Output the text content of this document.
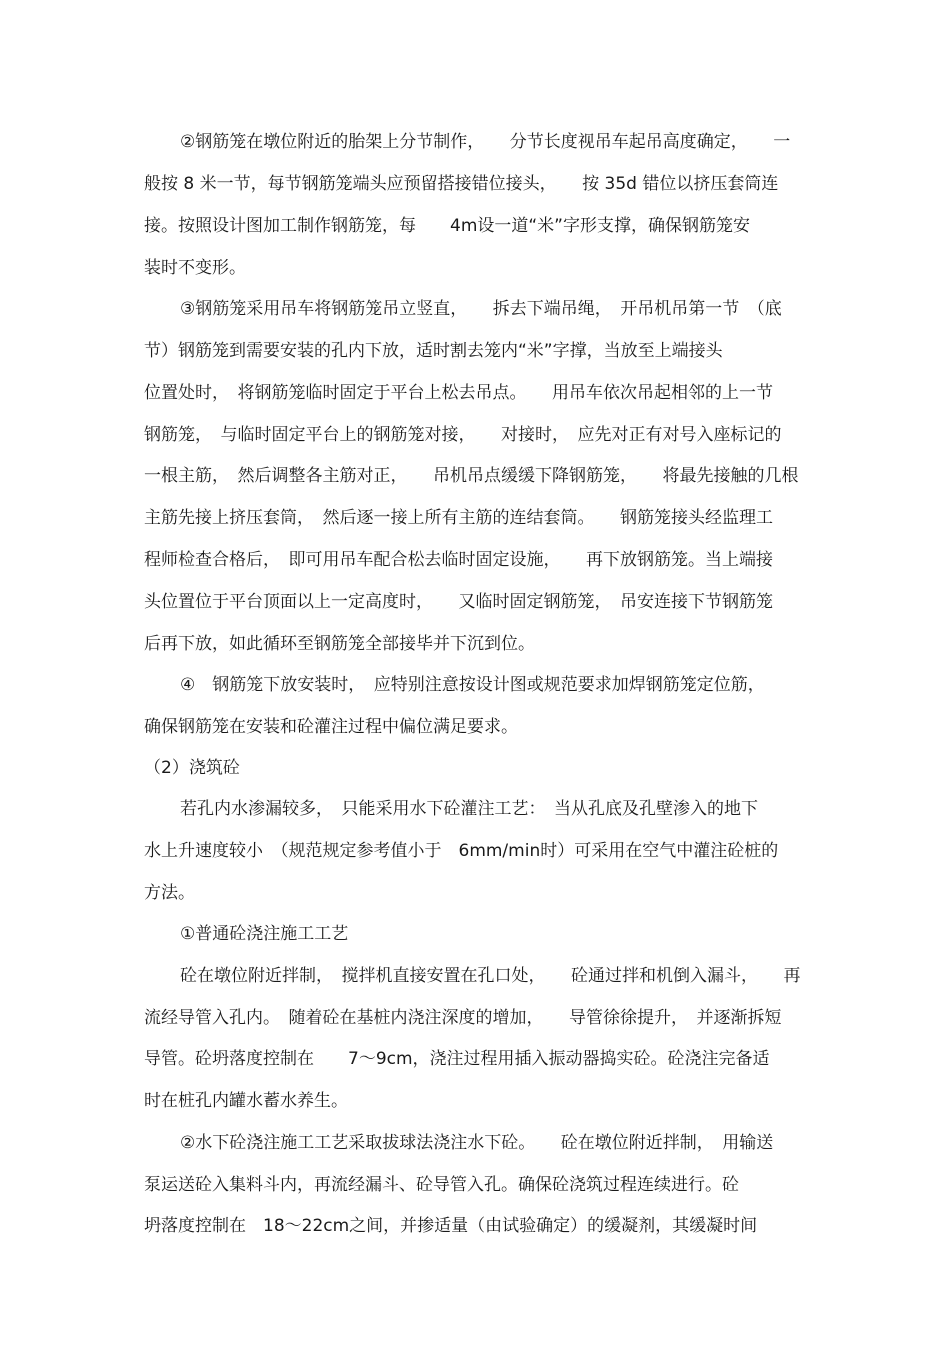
②钢筋笼在墩位附近的胎架上分节制作，　　分节长度视吊车起吊高度确定，　　一
般按 8 米一节，每节钢筋笼端头应预留搭接错位接头，　　按 35d 错位以挤压套筒连
接。按照设计图加工制作钢筋笼，每　　4m设一道“米”字形支撑，确保钢筋笼安
装时不变形。
③钢筋笼采用吊车将钢筋笼吊立竖直，　　拆去下端吊绳，　开吊机吊第一节　（底
节）钢筋笼到需要安装的孔内下放，适时割去笼内“米”字撑，当放至上端接头
位置处时，　将钢筋笼临时固定于平台上松去吊点。　　用吊车依次吊起相邻的上一节
钢筋笼，　与临时固定平台上的钢筋笼对接，　　对接时，　应先对正有对号入座标记的
一根主筋，　然后调整各主筋对正，　　吊机吊点缓缓下降钢筋笼，　　将最先接触的几根
主筋先接上挤压套筒，　然后逐一接上所有主筋的连结套筒。　　钢筋笼接头经监理工
程师检查合格后，　即可用吊车配合松去临时固定设施，　　再下放钢筋笼。当上端接
头位置位于平台顶面以上一定高度时，　　又临时固定钢筋笼，　吊安连接下节钢筋笼
后再下放，如此循环至钢筋笼全部接毕并下沉到位。
④　钢筋笼下放安装时，　应特别注意按设计图或规范要求加焊钢筋笼定位筋，
确保钢筋笼在安装和砼灌注过程中偏位满足要求。
（2）浇筑砼
若孔内水渗漏较多，　只能采用水下砼灌注工艺：　当从孔底及孔壁渗入的地下
水上升速度较小　（规范规定参考值小于　6mm/min时）可采用在空气中灌注砼桩的
方法。
①普通砼浇注施工工艺
砼在墩位附近拌制，　搅拌机直接安置在孔口处，　　砼通过拌和机倒入漏斗，　　再
流经导管入孔内。　随着砼在基桩内浇注深度的增加，　　导管徐徐提升，　并逐渐拆短
导管。砼坍落度控制在　　7～9cm，浇注过程用插入振动器捣实砼。砼浇注完备适
时在桩孔内罐水蓄水养生。
②水下砼浇注施工工艺采取拔球法浇注水下砼。　　砼在墩位附近拌制，　用输送
泵运送砼入集料斗内，再流经漏斗、砼导管入孔。确保砼浇筑过程连续进行。砼
坍落度控制在　18～22cm之间，并掺适量（由试验确定）的缓凝剂，其缓凝时间
